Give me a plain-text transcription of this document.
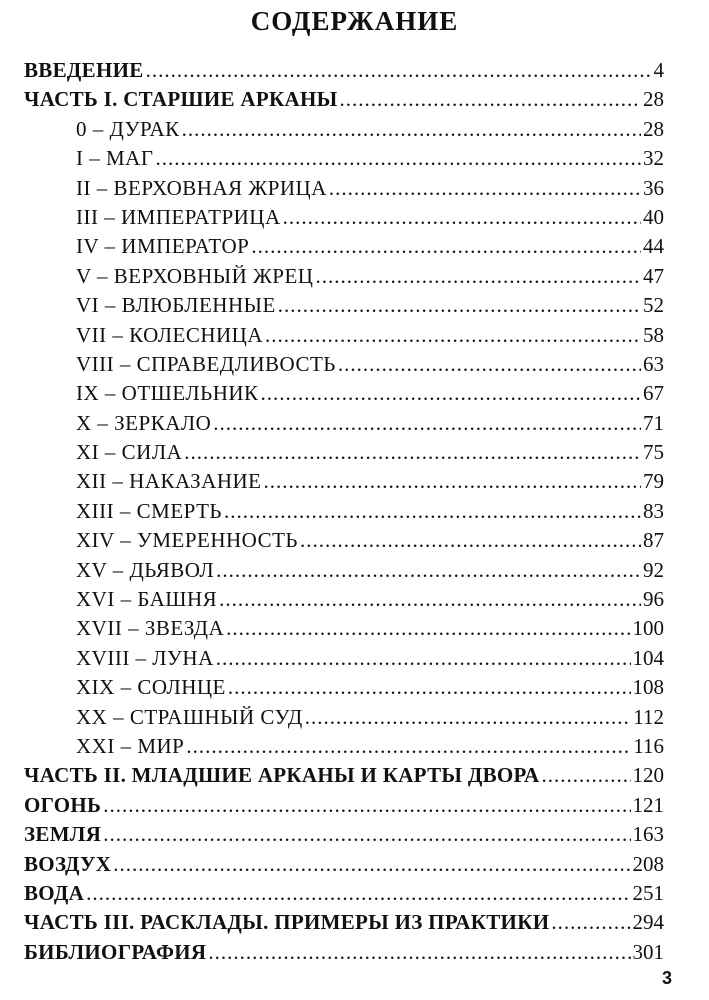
СОДЕРЖАНИЕ
ВВЕДЕНИЕ .....	4
ЧАСТЬ I. СТАРШИЕ АРКАНЫ .....	28
0 – ДУРАК .....	28
I – МАГ .....	32
II – ВЕРХОВНАЯ ЖРИЦА .....	36
III – ИМПЕРАТРИЦА .....	40
IV – ИМПЕРАТОР .....	44
V – ВЕРХОВНЫЙ ЖРЕЦ .....	47
VI – ВЛЮБЛЕННЫЕ .....	52
VII – КОЛЕСНИЦА .....	58
VIII – СПРАВЕДЛИВОСТЬ .....	63
IX – ОТШЕЛЬНИК .....	67
X – ЗЕРКАЛО .....	71
XI – СИЛА .....	75
XII – НАКАЗАНИЕ .....	79
XIII – СМЕРТЬ .....	83
XIV – УМЕРЕННОСТЬ .....	87
XV – ДЬЯВОЛ .....	92
XVI – БАШНЯ .....	96
XVII – ЗВЕЗДА .....	100
XVIII – ЛУНА .....	104
XIX – СОЛНЦЕ .....	108
XX – СТРАШНЫЙ СУД .....	112
XXI – МИР .....	116
ЧАСТЬ II. МЛАДШИЕ АРКАНЫ И КАРТЫ ДВОРА .....	120
ОГОНЬ .....	121
ЗЕМЛЯ .....	163
ВОЗДУХ .....	208
ВОДА .....	251
ЧАСТЬ III. РАСКЛАДЫ. ПРИМЕРЫ ИЗ ПРАКТИКИ .....	294
БИБЛИОГРАФИЯ .....	301
3
